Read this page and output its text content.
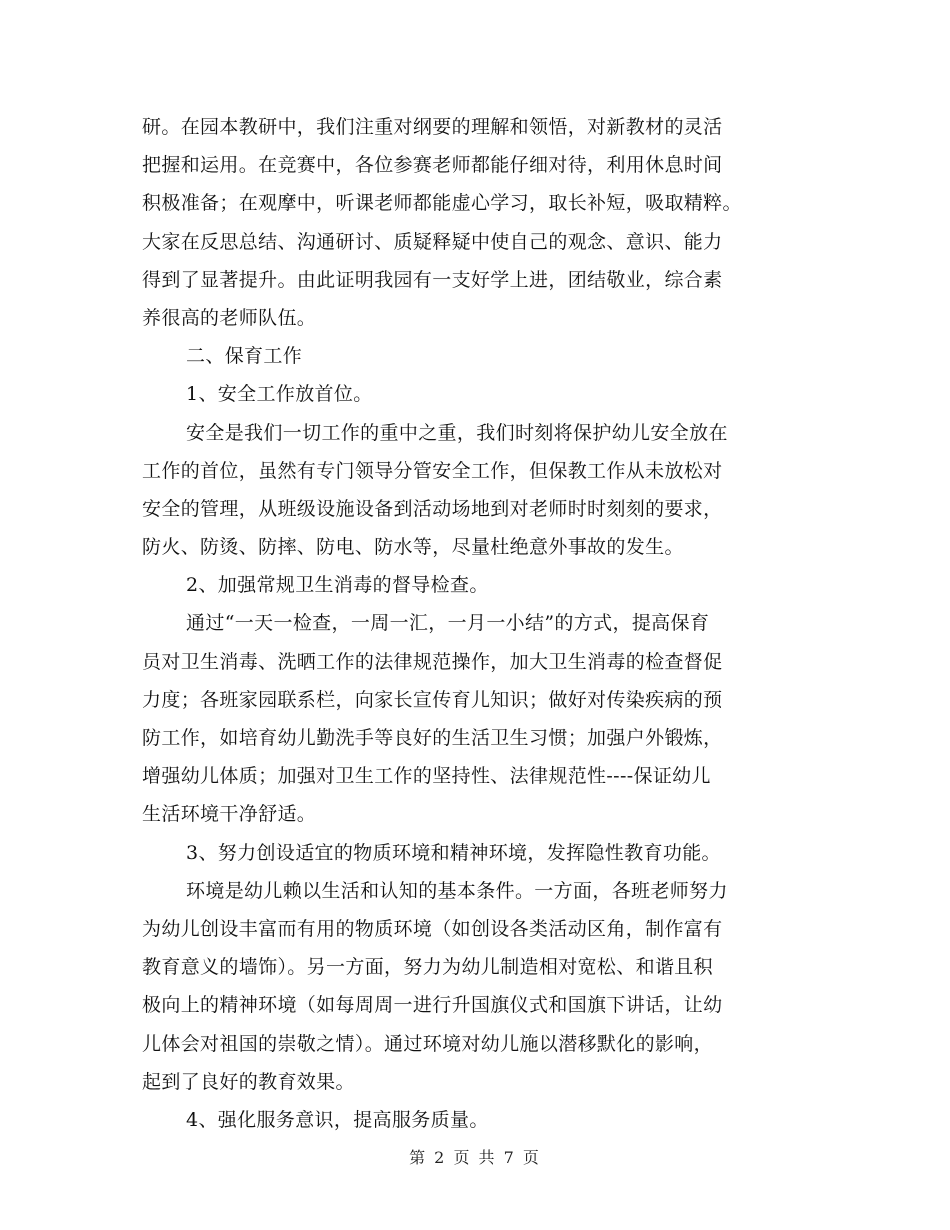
研。在园本教研中，我们注重对纲要的理解和领悟，对新教材的灵活
把握和运用。在竞赛中，各位参赛老师都能仔细对待，利用休息时间
积极准备；在观摩中，听课老师都能虚心学习，取长补短，吸取精粹。
大家在反思总结、沟通研讨、质疑释疑中使自己的观念、意识、能力
得到了显著提升。由此证明我园有一支好学上进，团结敬业，综合素
养很高的老师队伍。
二、保育工作
1、安全工作放首位。
安全是我们一切工作的重中之重，我们时刻将保护幼儿安全放在
工作的首位，虽然有专门领导分管安全工作，但保教工作从未放松对
安全的管理，从班级设施设备到活动场地到对老师时时刻刻的要求，
防火、防烫、防摔、防电、防水等，尽量杜绝意外事故的发生。
2、加强常规卫生消毒的督导检查。
通过“一天一检查，一周一汇，一月一小结”的方式，提高保育
员对卫生消毒、洗晒工作的法律规范操作，加大卫生消毒的检查督促
力度；各班家园联系栏，向家长宣传育儿知识；做好对传染疾病的预
防工作，如培育幼儿勤洗手等良好的生活卫生习惯；加强户外锻炼，
增强幼儿体质；加强对卫生工作的坚持性、法律规范性----保证幼儿
生活环境干净舒适。
3、努力创设适宜的物质环境和精神环境，发挥隐性教育功能。
环境是幼儿赖以生活和认知的基本条件。一方面，各班老师努力
为幼儿创设丰富而有用的物质环境（如创设各类活动区角，制作富有
教育意义的墙饰）。另一方面，努力为幼儿制造相对宽松、和谐且积
极向上的精神环境（如每周周一进行升国旗仪式和国旗下讲话，让幼
儿体会对祖国的崇敬之情）。通过环境对幼儿施以潜移默化的影响，
起到了良好的教育效果。
4、强化服务意识，提高服务质量。
第 2 页 共 7 页
